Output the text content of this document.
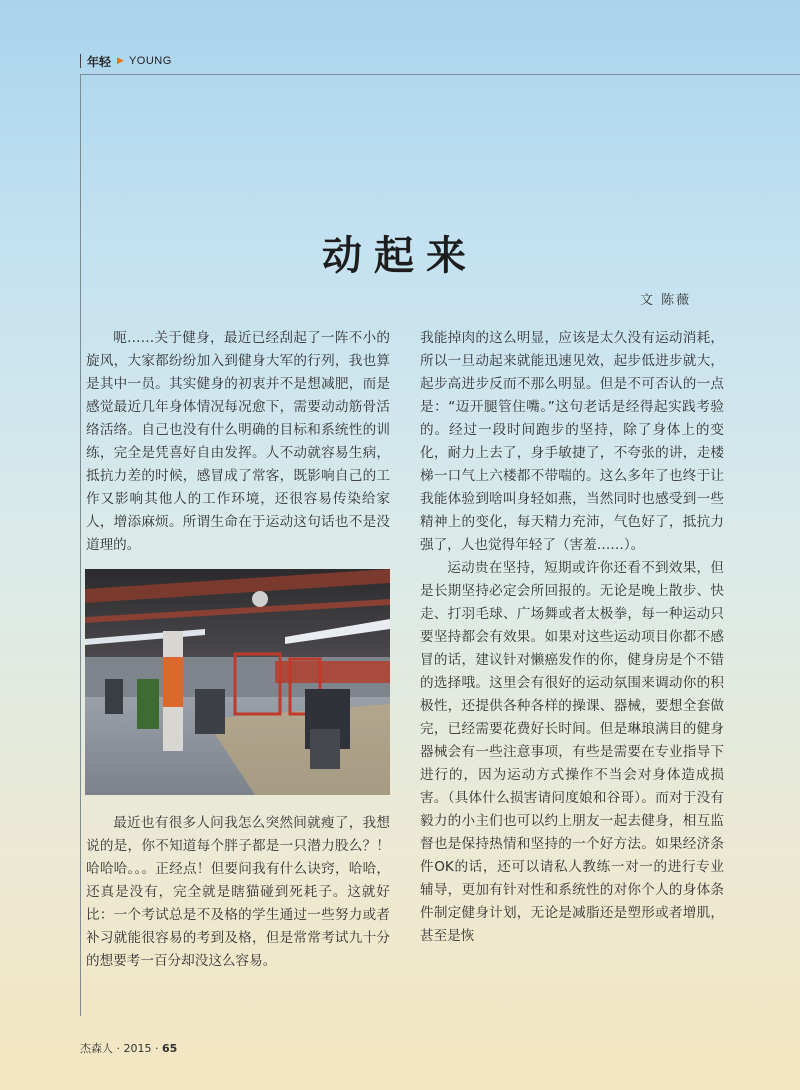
年轻 ▶ YOUNG
动起来
文 陈薇

呃……关于健身，最近已经刮起了一阵不小的旋风，大家都纷纷加入到健身大军的行列，我也算是其中一员。其实健身的初衷并不是想减肥，而是感觉最近几年身体情况每况愈下，需要动动筋骨活络活络。自己也没有什么明确的目标和系统性的训练，完全是凭喜好自由发挥。人不动就容易生病，抵抗力差的时候，感冒成了常客，既影响自己的工作又影响其他人的工作环境，还很容易传染给家人，增添麻烦。所谓生命在于运动这句话也不是没道理的。

最近也有很多人问我怎么突然间就瘦了，我想说的是，你不知道每个胖子都是一只潜力股么？！哈哈哈。。。正经点！但要问我有什么诀窍，哈哈，还真是没有，完全就是瞎猫碰到死耗子。这就好比：一个考试总是不及格的学生通过一些努力或者补习就能很容易的考到及格，但是常常考试九十分的想要考一百分却没这么容易。

我能掉肉的这么明显，应该是太久没有运动消耗，所以一旦动起来就能迅速见效，起步低进步就大，起步高进步反而不那么明显。但是不可否认的一点是：“迈开腿管住嘴。”这句老话是经得起实践考验的。经过一段时间跑步的坚持，除了身体上的变化，耐力上去了，身手敏捷了，不夸张的讲，走楼梯一口气上六楼都不带喘的。这么多年了也终于让我能体验到啥叫身轻如燕，当然同时也感受到一些精神上的变化，每天精力充沛，气色好了，抵抗力强了，人也觉得年轻了（害羞……）。

运动贵在坚持，短期或许你还看不到效果，但是长期坚持必定会所回报的。无论是晚上散步、快走、打羽毛球、广场舞或者太极拳，每一种运动只要坚持都会有效果。如果对这些运动项目你都不感冒的话，建议针对懒癌发作的你，健身房是个不错的选择哦。这里会有很好的运动氛围来调动你的积极性，还提供各种各样的操课、器械，要想全套做完，已经需要花费好长时间。但是琳琅满目的健身器械会有一些注意事项，有些是需要在专业指导下进行的，因为运动方式操作不当会对身体造成损害。（具体什么损害请问度娘和谷哥）。而对于没有毅力的小主们也可以约上朋友一起去健身，相互监督也是保持热情和坚持的一个好方法。如果经济条件OK的话，还可以请私人教练一对一的进行专业辅导，更加有针对性和系统性的对你个人的身体条件制定健身计划，无论是减脂还是塑形或者增肌，甚至是恢

杰森人 · 2015 · 65
